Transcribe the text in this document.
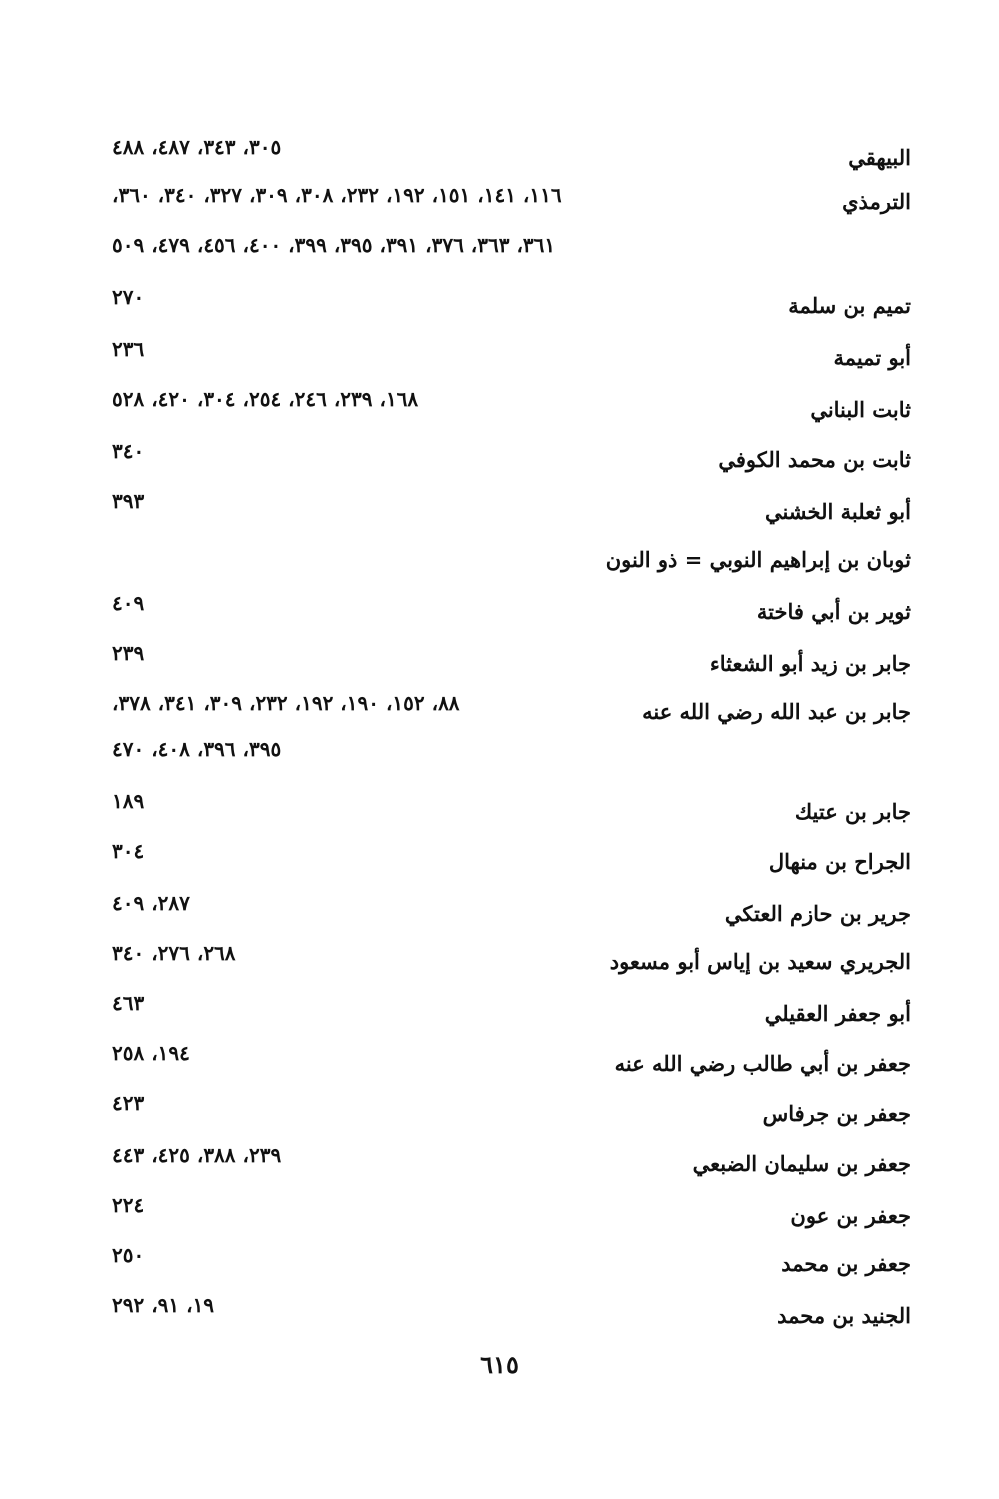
البيهقي
٣٠٥، ٣٤٣، ٤٨٧، ٤٨٨
الترمذي
١١٦، ١٤١، ١٥١، ١٩٢، ٢٣٢، ٣٠٨، ٣٠٩، ٣٢٧، ٣٤٠، ٣٦٠،
٣٦١، ٣٦٣، ٣٧٦، ٣٩١، ٣٩٥، ٣٩٩، ٤٠٠، ٤٥٦، ٤٧٩، ٥٠٩
تميم بن سلمة
٢٧٠
أبو تميمة
٢٣٦
ثابت البناني
١٦٨، ٢٣٩، ٢٤٦، ٢٥٤، ٣٠٤، ٤٢٠، ٥٢٨
ثابت بن محمد الكوفي
٣٤٠
أبو ثعلبة الخشني
٣٩٣
ثوبان بن إبراهيم النوبي = ذو النون
ثوير بن أبي فاختة
٤٠٩
جابر بن زيد أبو الشعثاء
٢٣٩
جابر بن عبد الله رضي الله عنه
٨٨، ١٥٢، ١٩٠، ١٩٢، ٢٣٢، ٣٠٩، ٣٤١، ٣٧٨،
٣٩٥، ٣٩٦، ٤٠٨، ٤٧٠
جابر بن عتيك
١٨٩
الجراح بن منهال
٣٠٤
جرير بن حازم العتكي
٢٨٧، ٤٠٩
الجريري سعيد بن إياس أبو مسعود
٢٦٨، ٢٧٦، ٣٤٠
أبو جعفر العقيلي
٤٦٣
جعفر بن أبي طالب رضي الله عنه
١٩٤، ٢٥٨
جعفر بن جرفاس
٤٢٣
جعفر بن سليمان الضبعي
٢٣٩، ٣٨٨، ٤٢٥، ٤٤٣
جعفر بن عون
٢٢٤
جعفر بن محمد
٢٥٠
الجنيد بن محمد
١٩، ٩١، ٢٩٢
٦١٥
